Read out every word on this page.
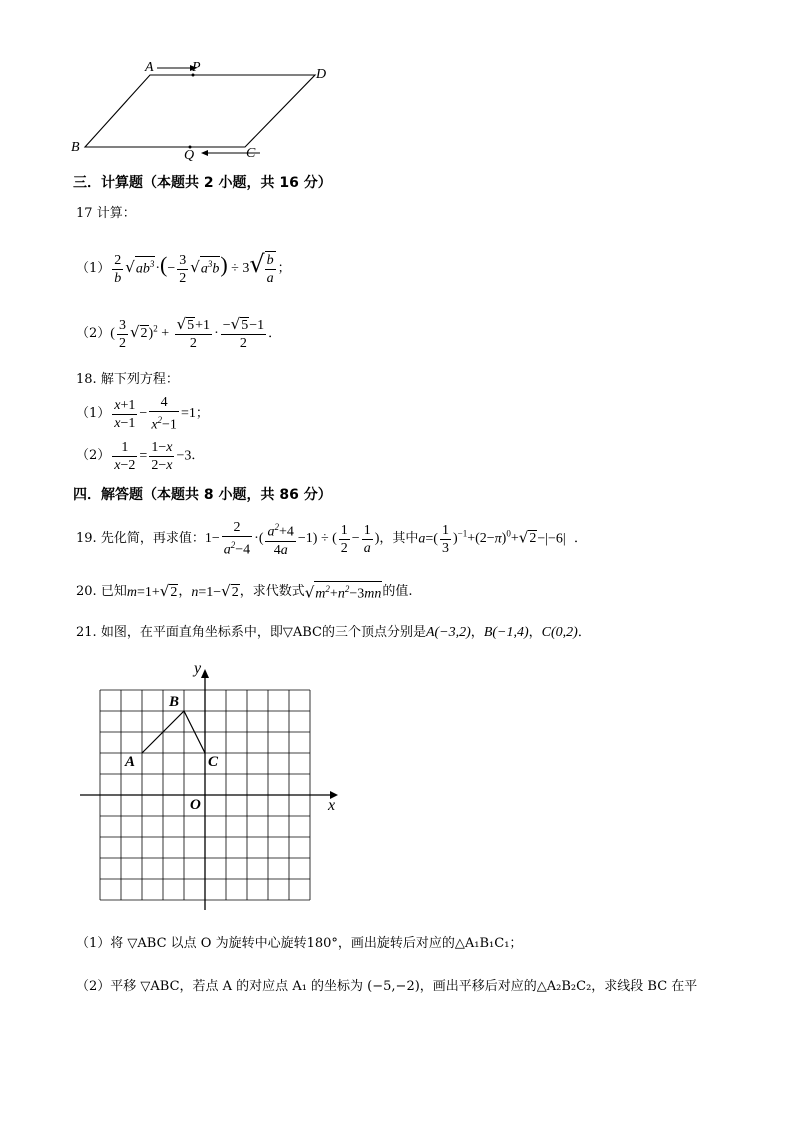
A	P	D
B
Q	C
三．计算题（本题共 2 小题，共 16 分）
17 计算：
$(1) \frac{2}{b} √ab^3\cdot(- \frac{3}{2} √a^3b) \div 3√ \frac{b}{a}$ ；
（2） ( $\frac{3}{2} √2)^2 + \frac{√5+1}{2} \cdot \frac{-√5-1}{2}$ ．
18. 解下列方程：
$(1) \frac{x+1}{x-1} - \frac{4}{x^2-1} =1$ ；
$(2) \frac{1}{x-2} = \frac{1-x}{2-x} -3$ ．
四．解答题（本题共 8 小题，共 86 分）
19.
先化简，再求值： $1- \frac{2}{a^2-4}$ ·( $\frac{a^2+4}{4a} -1$) ÷ ( $\frac{1}{2} - \frac{1}{a}$ ) ，其中 $a=( \frac{1}{3} )^{-1}+(2-\pi)^0+√2-|-6|$
．
20.
已知 m=1+√2 ， n=1−√2 ，求代数式 $√m^2+n^2-3mn$ 的值.
21.
如图，在平面直角坐标系中，即▽ABC的三个顶点分别是 A(−3,2) ， B(−1,4) ， C(0,2) ．
y
x
O
A
B
C
（1）将 ▽ABC 以点 O 为旋转中心旋转180°，画出旋转后对应的△A₁B₁C₁；
（2）平移 ▽ABC，若点 A 的对应点 A₁ 的坐标为 (−5,−2)，画出平移后对应的△A₂B₂C₂，求线段 BC 在平
